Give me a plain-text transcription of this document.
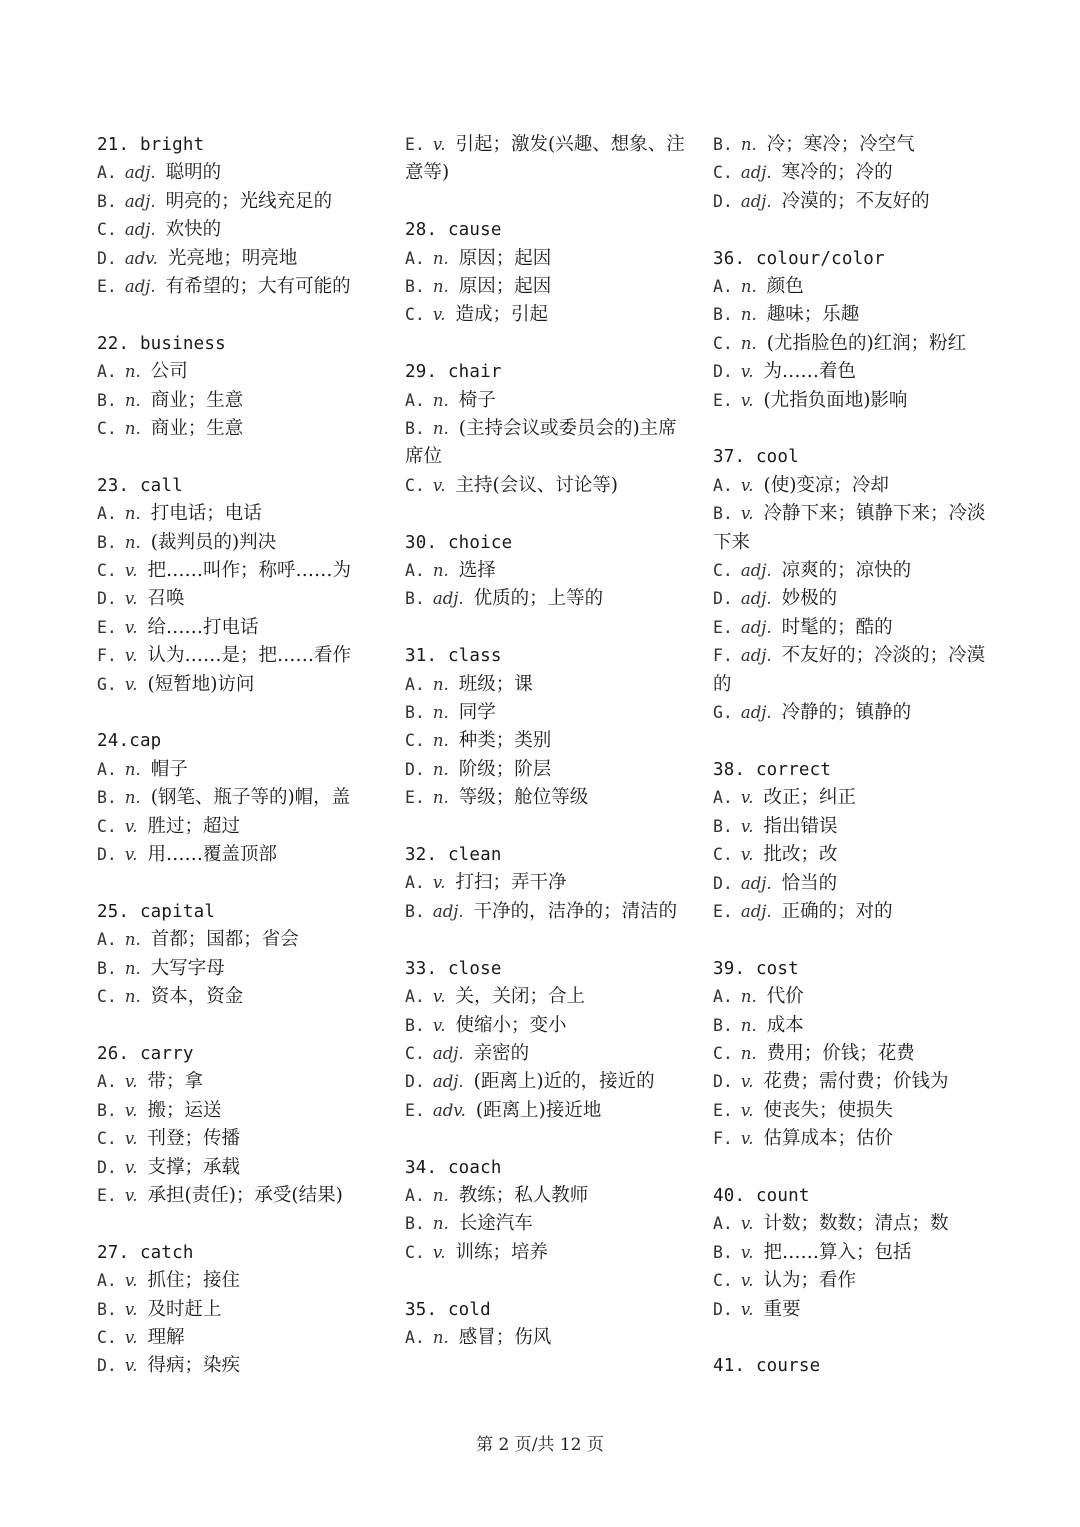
21. bright
A. adj. 聪明的
B. adj. 明亮的；光线充足的
C. adj. 欢快的
D. adv. 光亮地；明亮地
E. adj. 有希望的；大有可能的
22. business
A. n. 公司
B. n. 商业；生意
C. n. 商业；生意
23. call
A. n. 打电话；电话
B. n. (裁判员的)判决
C. v. 把……叫作；称呼……为
D. v. 召唤
E. v. 给……打电话
F. v. 认为……是；把……看作
G. v. (短暂地)访问
24.cap
A. n. 帽子
B. n. (钢笔、瓶子等的)帽，盖
C. v. 胜过；超过
D. v. 用……覆盖顶部
25. capital
A. n. 首都；国都；省会
B. n. 大写字母
C. n. 资本，资金
26. carry
A. v. 带；拿
B. v. 搬；运送
C. v. 刊登；传播
D. v. 支撑；承载
E. v. 承担(责任)；承受(结果)
27. catch
A. v. 抓住；接住
B. v. 及时赶上
C. v. 理解
D. v. 得病；染疾
E. v. 引起；激发(兴趣、想象、注意等)
28. cause
A. n. 原因；起因
B. n. 原因；起因
C. v. 造成；引起
29. chair
A. n. 椅子
B. n. (主持会议或委员会的)主席席位
C. v. 主持(会议、讨论等)
30. choice
A. n. 选择
B. adj. 优质的；上等的
31. class
A. n. 班级；课
B. n. 同学
C. n. 种类；类别
D. n. 阶级；阶层
E. n. 等级；舱位等级
32. clean
A. v. 打扫；弄干净
B. adj. 干净的，洁净的；清洁的
33. close
A. v. 关，关闭；合上
B. v. 使缩小；变小
C. adj. 亲密的
D. adj. (距离上)近的，接近的
E. adv. (距离上)接近地
34. coach
A. n. 教练；私人教师
B. n. 长途汽车
C. v. 训练；培养
35. cold
A. n. 感冒；伤风
B. n. 冷；寒冷；冷空气
C. adj. 寒冷的；冷的
D. adj. 冷漠的；不友好的
36. colour/color
A. n. 颜色
B. n. 趣味；乐趣
C. n. (尤指脸色的)红润；粉红
D. v. 为……着色
E. v. (尤指负面地)影响
37. cool
A. v. (使)变凉；冷却
B. v. 冷静下来；镇静下来；冷淡下来
C. adj. 凉爽的；凉快的
D. adj. 妙极的
E. adj. 时髦的；酷的
F. adj. 不友好的；冷淡的；冷漠的
G. adj. 冷静的；镇静的
38. correct
A. v. 改正；纠正
B. v. 指出错误
C. v. 批改；改
D. adj. 恰当的
E. adj. 正确的；对的
39. cost
A. n. 代价
B. n. 成本
C. n. 费用；价钱；花费
D. v. 花费；需付费；价钱为
E. v. 使丧失；使损失
F. v. 估算成本；估价
40. count
A. v. 计数；数数；清点；数
B. v. 把……算入；包括
C. v. 认为；看作
D. v. 重要
41. course
第 2 页/共 12 页
